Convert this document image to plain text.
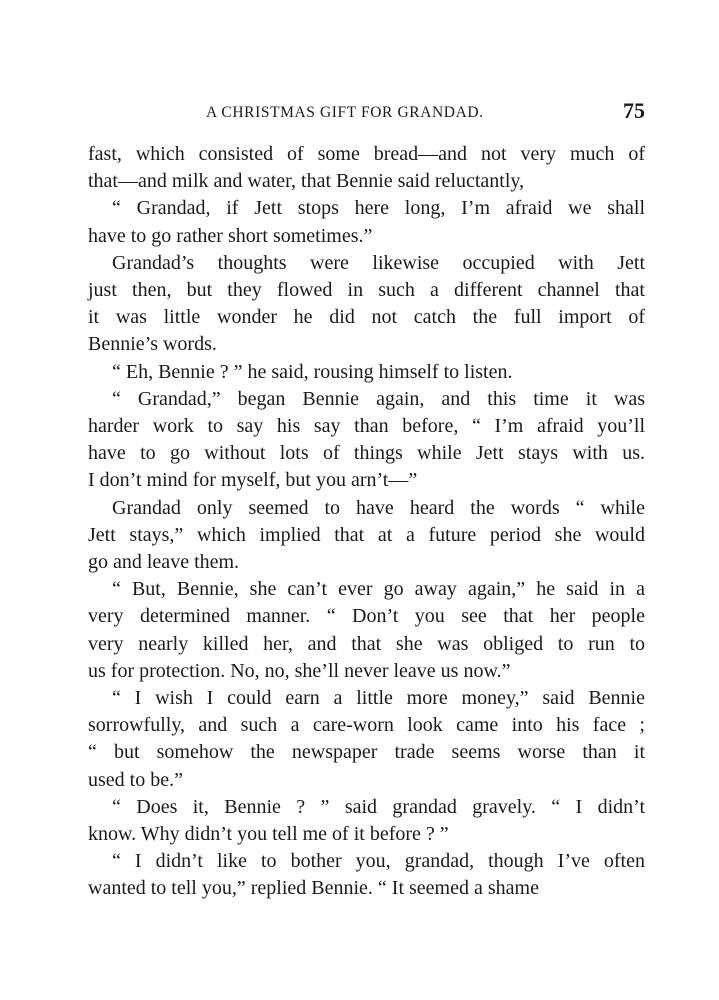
A CHRISTMAS GIFT FOR GRANDAD.	75

fast, which consisted of some bread—and not very much of
that—and milk and water, that Bennie said reluctantly,

“ Grandad, if Jett stops here long, I’m afraid we shall
have to go rather short sometimes.”

Grandad’s thoughts were likewise occupied with Jett
just then, but they flowed in such a different channel that
it was little wonder he did not catch the full import of
Bennie’s words.

“ Eh, Bennie ? ” he said, rousing himself to listen.

“ Grandad,” began Bennie again, and this time it was
harder work to say his say than before, “ I’m afraid you’ll
have to go without lots of things while Jett stays with us.
I don’t mind for myself, but you arn’t—”

Grandad only seemed to have heard the words “ while
Jett stays,” which implied that at a future period she would
go and leave them.

“ But, Bennie, she can’t ever go away again,” he said in a
very determined manner. “ Don’t you see that her people
very nearly killed her, and that she was obliged to run to
us for protection. No, no, she’ll never leave us now.”

“ I wish I could earn a little more money,” said Bennie
sorrowfully, and such a care-worn look came into his face ;
“ but somehow the newspaper trade seems worse than it
used to be.”

“ Does it, Bennie ? ” said grandad gravely. “ I didn’t
know. Why didn’t you tell me of it before ? ”

“ I didn’t like to bother you, grandad, though I’ve often
wanted to tell you,” replied Bennie. “ It seemed a shame
